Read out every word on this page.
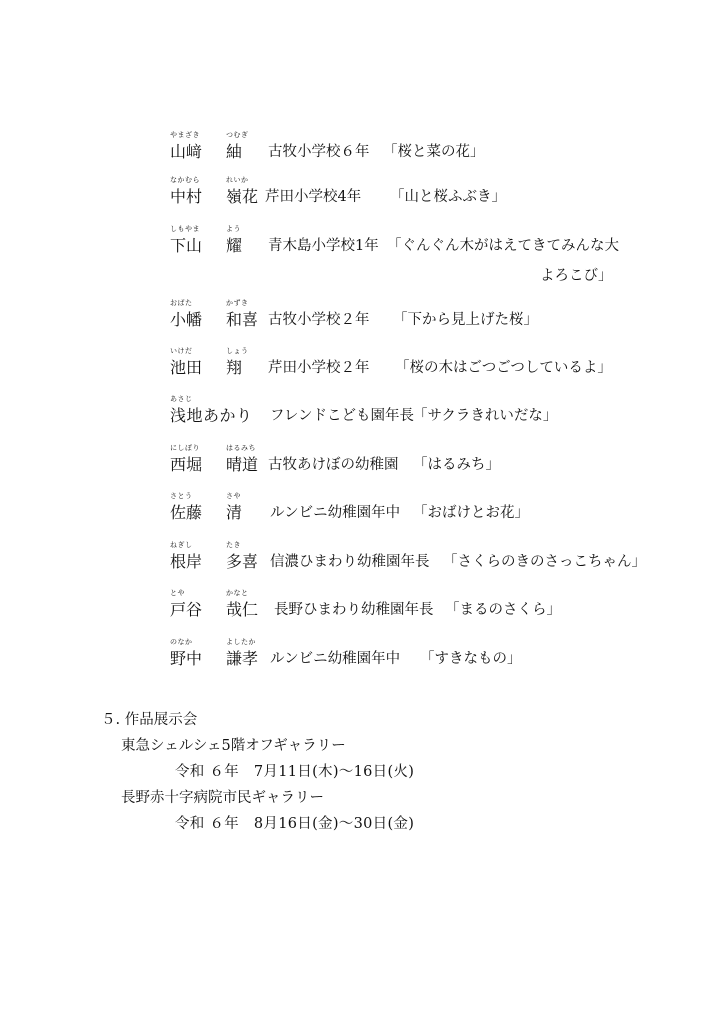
やまざき	つむぎ
山﨑 紬 古牧小学校６年 「桜と菜の花」
なかむら	れいか
中村 嶺花 芹田小学校4年 「山と桜ふぶき」
しもやま	よう
下山 耀 青木島小学校1年 「ぐんぐん木がはえてきてみんな大
よろこび」
おばた	かずき
小幡 和喜 古牧小学校２年 「下から見上げた桜」
いけだ	しょう
池田 翔 芹田小学校２年 「桜の木はごつごつしているよ」
あさじ
浅地あかり フレンドこども園年長
「サクラきれいだな」
にしぼり	はるみち
西堀 晴道 古牧あけぼの幼稚園 「はるみち」
さとう	さや
佐藤 清 ルンビニ幼稚園年中 「おばけとお花」
ねぎし	たき
根岸 多喜 信濃ひまわり幼稚園年長 「さくらのきのさっこちゃん」
とや	かなと
戸谷 哉仁 長野ひまわり幼稚園年長 「まるのさくら」
のなか	よしたか
野中 謙孝 ルンビニ幼稚園年中 「すきなもの」
５. 作品展示会
東急シェルシェ5階オフギャラリー
令和 ６年　7月11日(木)～16日(火)
長野赤十字病院市民ギャラリー
令和 ６年　8月16日(金)～30日(金)
